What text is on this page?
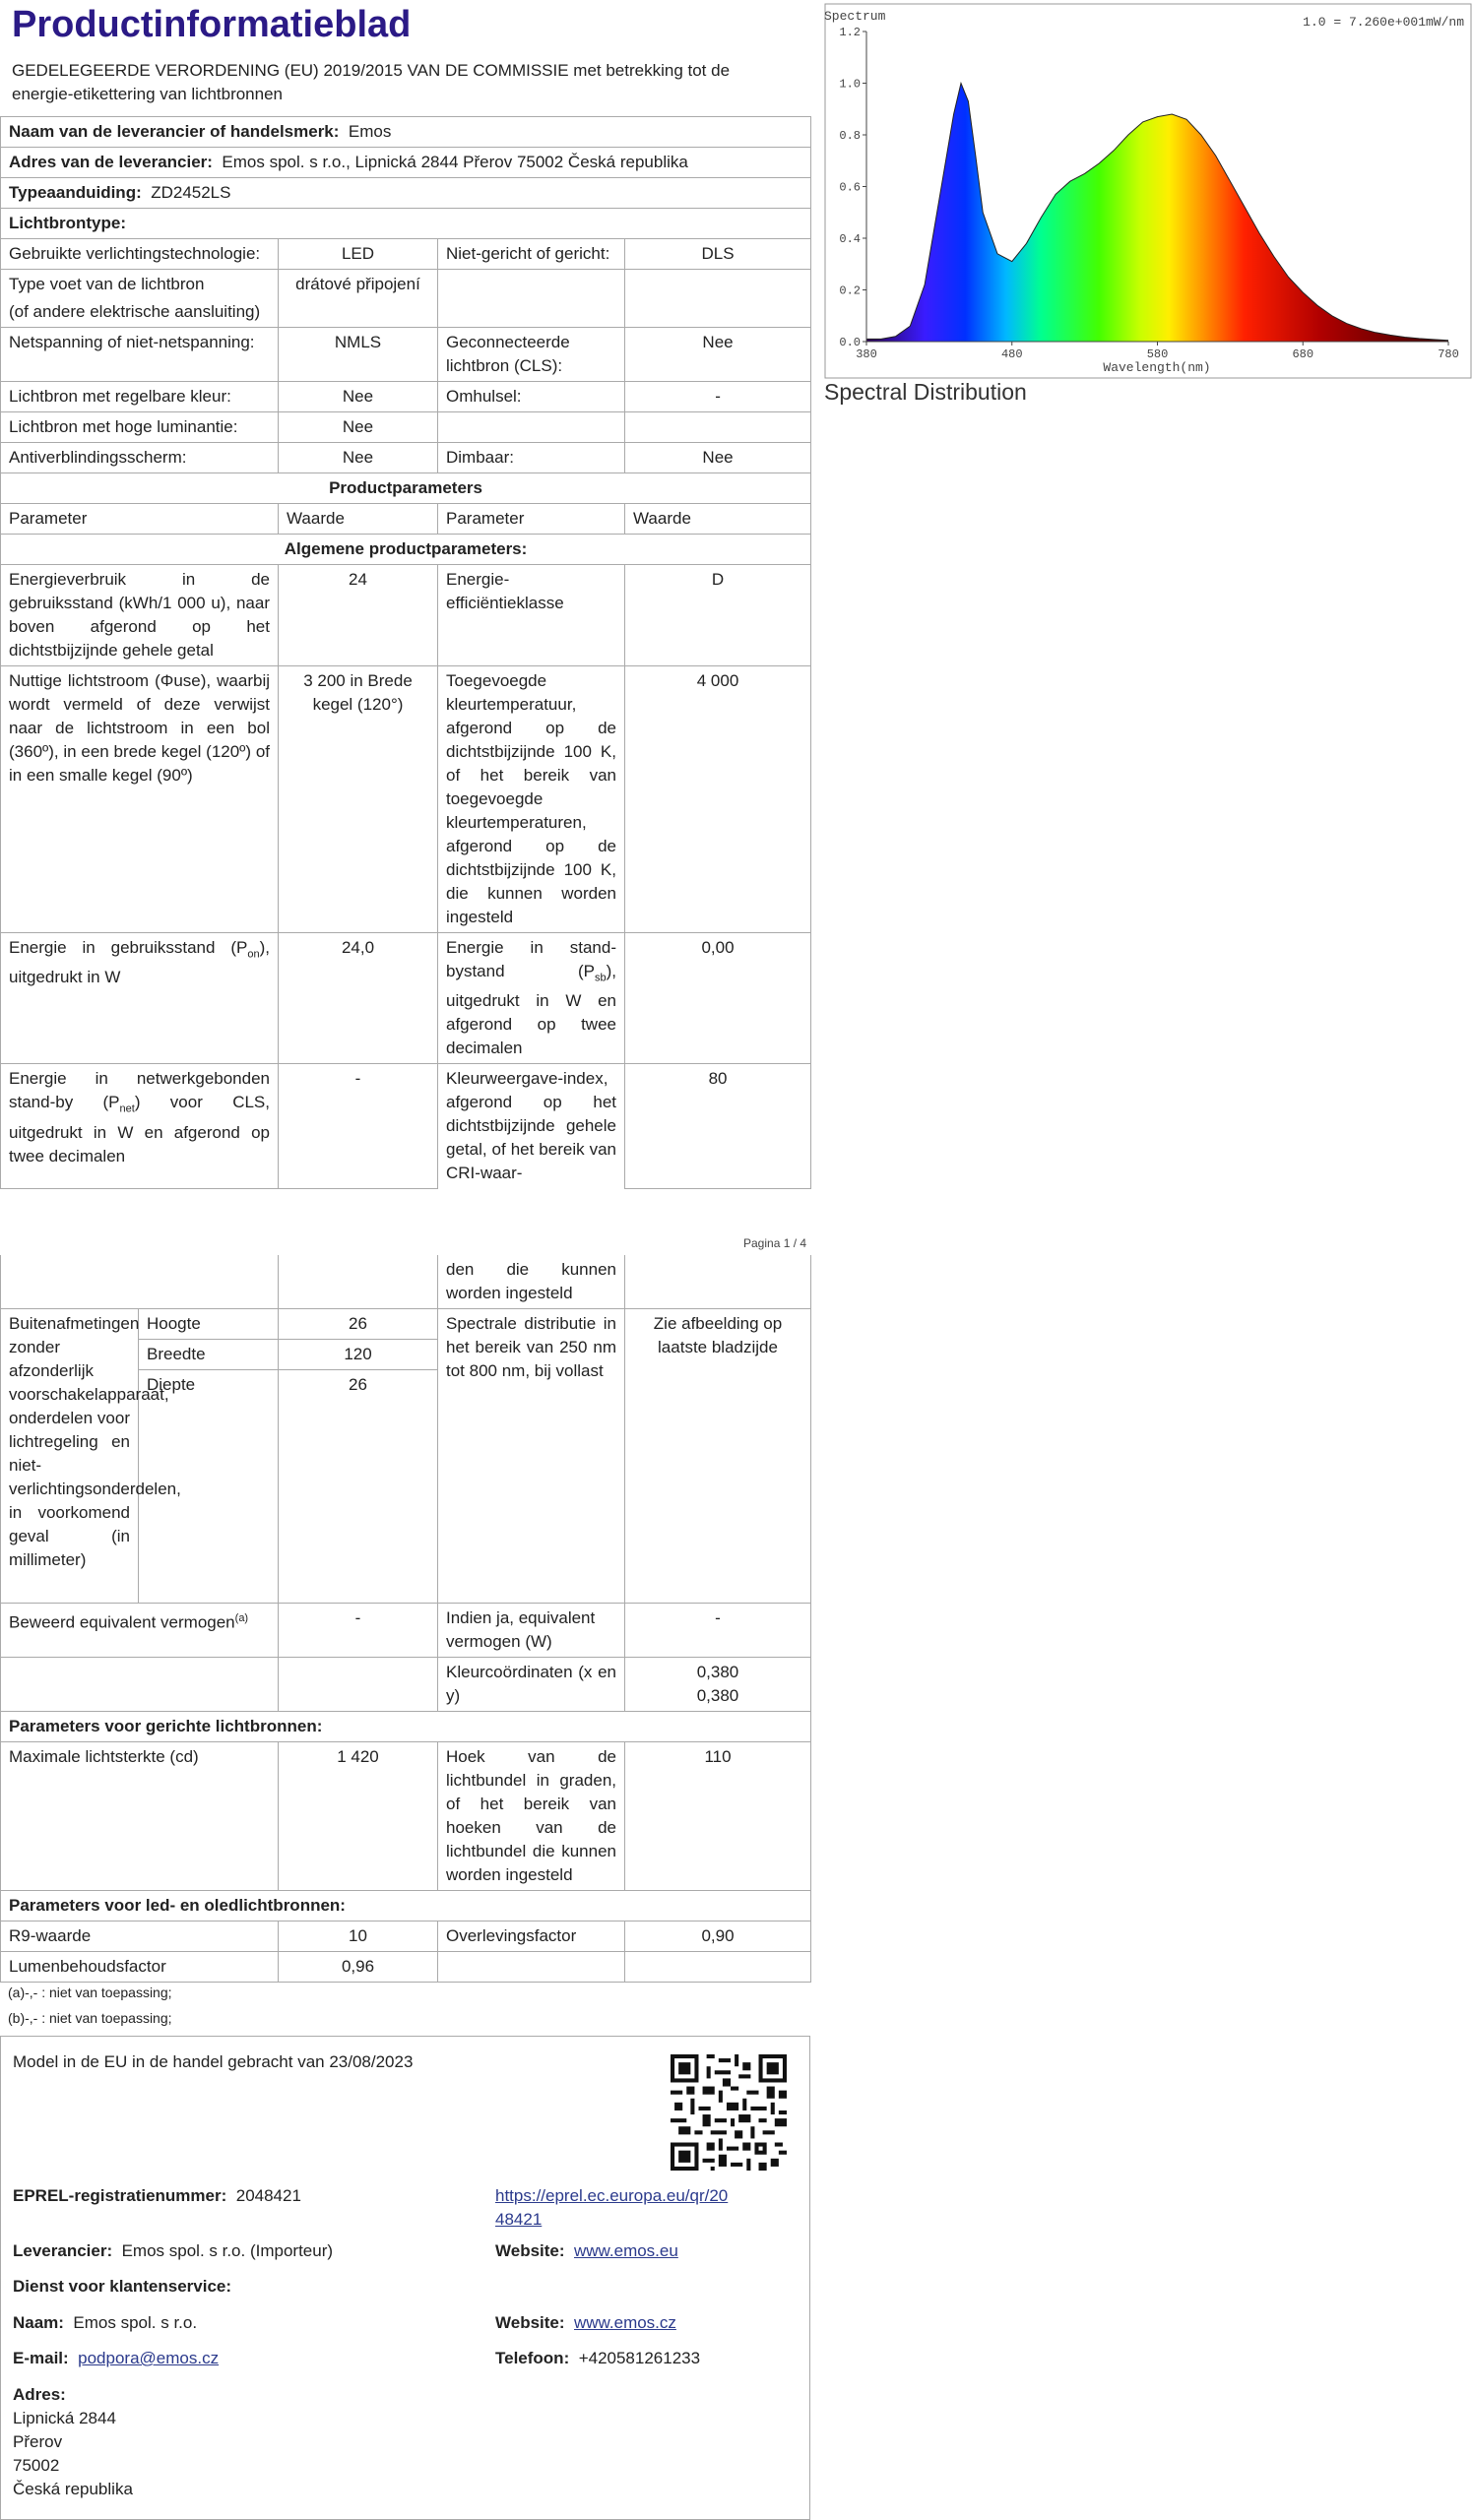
Productinformatieblad
GEDELEGEERDE VERORDENING (EU) 2019/2015 VAN DE COMMISSIE met betrekking tot de energie-etikettering van lichtbronnen
Naam van de leverancier of handelsmerk: Emos			
Adres van de leverancier: Emos spol. s r.o., Lipnická 2844 Přerov 75002 Česká republika			
Typeaanduiding: ZD2452LS			
Lichtbrontype:			
Gebruikte verlichtingstechnologie:	LED	Niet-gericht of gericht:	DLS

Type voet van de lichtbron
(of andere elektrische aansluiting)	drátové připojení		
Netspanning of niet-netspanning:	NMLS	Geconnecteerde lichtbron (CLS):	Nee
Lichtbron met regelbare kleur:	Nee	Omhulsel:	-
Lichtbron met hoge luminantie:	Nee		
Antiverblindingsscherm:	Nee	Dimbaar:	Nee
Productparameters			
Parameter	Waarde	Parameter	Waarde
Algemene productparameters:			
Energieverbruik in de gebruiksstand (kWh/1 000 u), naar boven afgerond op het dichtstbijzijnde gehele getal	24	Energie-efficiëntieklasse	D
Nuttige lichtstroom (Φuse), waarbij wordt vermeld of deze verwijst naar de lichtstroom in een bol (360º), in een brede kegel (120º) of in een smalle kegel (90º)	3 200 in Brede kegel (120°)	Toegevoegde kleurtemperatuur, afgerond op de dichtstbijzijnde 100 K, of het bereik van toegevoegde kleurtemperaturen, afgerond op de dichtstbijzijnde 100 K, die kunnen worden ingesteld	4 000
Energie in gebruiksstand $(P_{on})$, uitgedrukt in W	24,0	Energie in stand-bystand $(P_{sb})$, uitgedrukt in W en afgerond op twee decimalen	0,00
Energie in netwerkgebonden stand-by $(P_{net})$ voor CLS, uitgedrukt in W en afgerond op twee decimalen	-	Kleurweergave-index, afgerond op het dichtstbijzijnde gehele getal, of het bereik van CRI-waar-	80
Pagina 1 / 4
Spectrum	1.0 = 7.260e+001mW/nm
0.0
0.2
0.4
0.6
0.8
1.0
1.2
380	480	580	680	780
Wavelength(nm)
Spectral Distribution
			den die kunnen worden ingesteld	
Buitenafmetingen zonder afzonderlijk voorschakelapparaat, onderdelen voor lichtregeling en niet-verlichtingsonderdelen, in voorkomend geval (in millimeter)	Hoogte	26	Spectrale distributie in het bereik van 250 nm tot 800 nm, bij vollast	Zie afbeelding op laatste bladzijde
	Breedte	120		
	Diepte	26		
Beweerd equivalent vermogen$^{(a)}$		-	Indien ja, equivalent vermogen (W)	-
			Kleurcoördinaten (x en y)	0,380
0,380

Parameters voor gerichte lichtbronnen:				
Maximale lichtsterkte (cd)		1 420	Hoek van de lichtbundel in graden, of het bereik van hoeken van de lichtbundel die kunnen worden ingesteld	110
Parameters voor led- en oledlichtbronnen:				
R9-waarde		10	Overlevingsfactor	0,90
Lumenbehoudsfactor		0,96		
(a)-,- : niet van toepassing;
(b)-,- : niet van toepassing;
Model in de EU in de handel gebracht van 23/08/2023
EPREL-registratienummer: 2048421	https://eprel.ec.europa.eu/qr/20
48421
Leverancier: Emos spol. s r.o. (Importeur)	Website: www.emos.eu
Dienst voor klantenservice:
Naam: Emos spol. s r.o.	Website: www.emos.cz
E-mail: podpora@emos.cz	Telefoon: +420581261233
Adres:
Lipnická 2844
Přerov
75002
Česká republika
